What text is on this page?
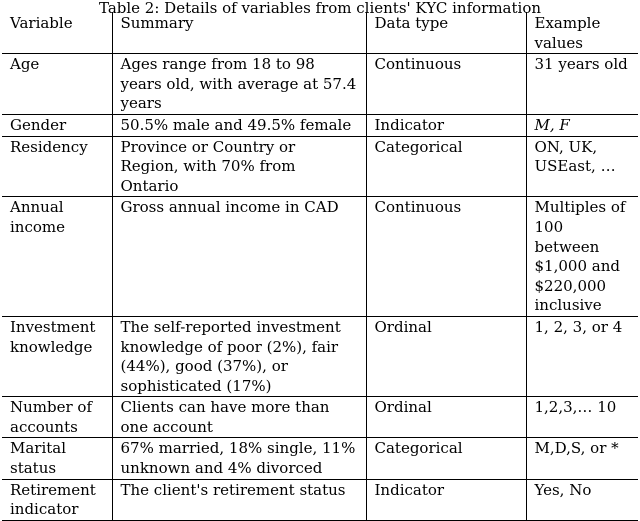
Table 2: Details of variables from clients' KYC information
Variable	Summary	Data type	Example values
Age	Ages range from 18 to 98 years old, with average at 57.4 years	Continuous	31 years old
Gender	50.5% male and 49.5% female	Indicator	M, F
Residency	Province or Country or Region, with 70% from Ontario	Categorical	ON, UK, USEast, …
Annual income	Gross annual income in CAD	Continuous	Multiples of 100 between $1,000 and $220,000 inclusive
Investment knowledge	The self-reported investment knowledge of poor (2%), fair (44%), good (37%), or sophisticated (17%)	Ordinal	1, 2, 3, or 4
Number of accounts	Clients can have more than one account	Ordinal	1,2,3,… 10
Marital status	67% married, 18% single, 11% unknown and 4% divorced	Categorical	M,D,S, or *
Retirement indicator	The client's retirement status	Indicator	Yes, No
